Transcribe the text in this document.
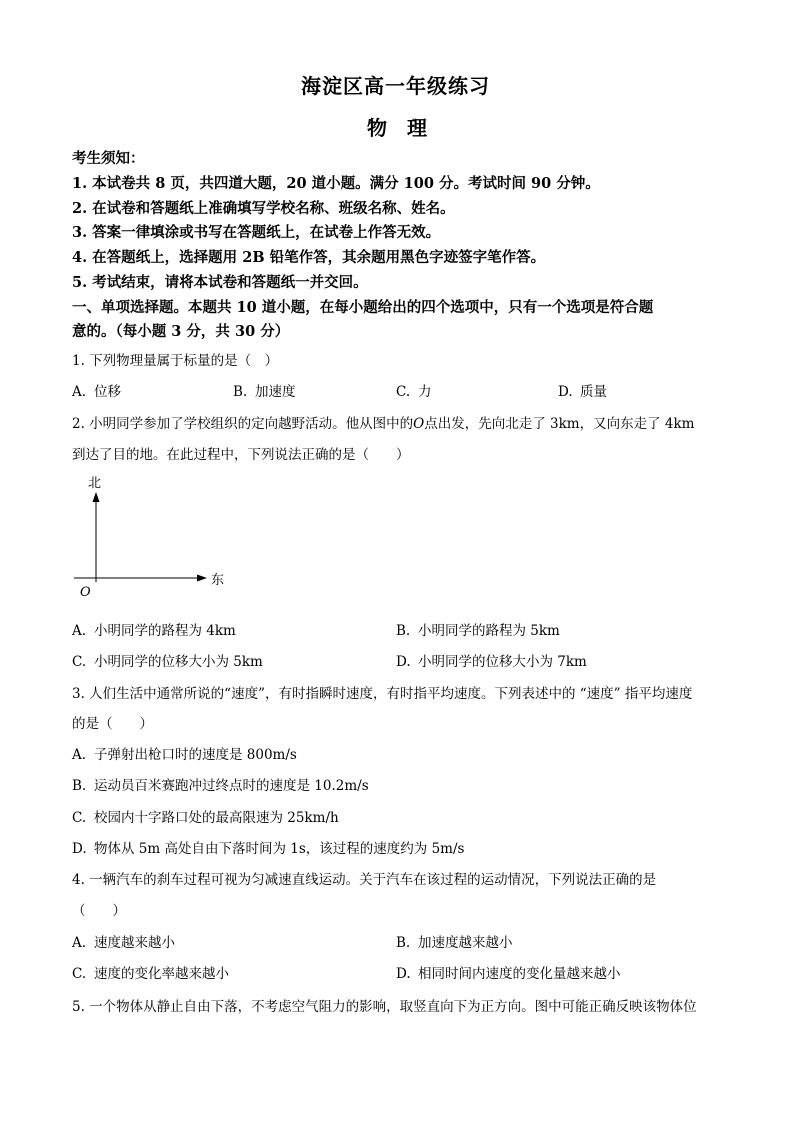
海淀区高一年级练习
物　理
考生须知：
1. 本试卷共 8 页，共四道大题，20 道小题。满分 100 分。考试时间 90 分钟。
2. 在试卷和答题纸上准确填写学校名称、班级名称、姓名。
3. 答案一律填涂或书写在答题纸上，在试卷上作答无效。
4. 在答题纸上，选择题用 2B 铅笔作答，其余题用黑色字迹签字笔作答。
5. 考试结束，请将本试卷和答题纸一并交回。
一、单项选择题。本题共 10 道小题，在每小题给出的四个选项中，只有一个选项是符合题
意的。（每小题 3 分，共 30 分）
1. 下列物理量属于标量的是（　）
A. 位移	B. 加速度	C. 力	D. 质量
2. 小明同学参加了学校组织的定向越野活动。他从图中的O点出发，先向北走了 3km，又向东走了 4km
到达了目的地。在此过程中，下列说法正确的是（　　）
北
东
O
A. 小明同学的路程为 4km	B. 小明同学的路程为 5km
C. 小明同学的位移大小为 5km	D. 小明同学的位移大小为 7km
3. 人们生活中通常所说的“速度”，有时指瞬时速度，有时指平均速度。下列表述中的 “速度” 指平均速度
的是（　　）
A. 子弹射出枪口时的速度是 800m/s
B. 运动员百米赛跑冲过终点时的速度是 10.2m/s
C. 校园内十字路口处的最高限速为 25km/h
D. 物体从 5m 高处自由下落时间为 1s，该过程的速度约为 5m/s
4. 一辆汽车的刹车过程可视为匀减速直线运动。关于汽车在该过程的运动情况，下列说法正确的是
（　　）
A. 速度越来越小	B. 加速度越来越小
C. 速度的变化率越来越小	D. 相同时间内速度的变化量越来越小
5. 一个物体从静止自由下落，不考虑空气阻力的影响，取竖直向下为正方向。图中可能正确反映该物体位
